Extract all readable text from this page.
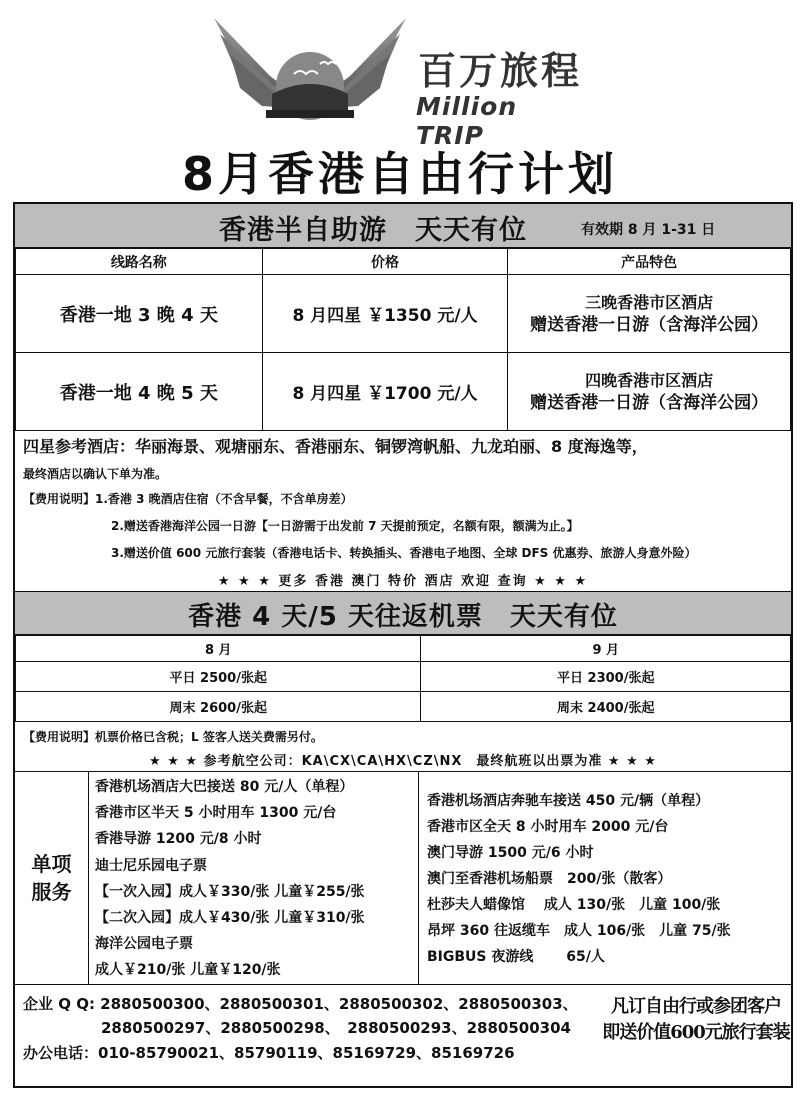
百万旅程
Million TRIP
8月香港自由行计划
香港半自助游　天天有位	有效期 8 月 1-31 日
线路名称	价格	产品特色
香港一地 3 晚 4 天	8 月四星 ￥1350 元/人	三晚香港市区酒店
赠送香港一日游（含海洋公园）

香港一地 4 晚 5 天	8 月四星 ￥1700 元/人	四晚香港市区酒店
赠送香港一日游（含海洋公园）
四星参考酒店：华丽海景、观塘丽东、香港丽东、铜锣湾帆船、九龙珀丽、8 度海逸等，
最终酒店以确认下单为准。
【费用说明】1.香港 3 晚酒店住宿（不含早餐，不含单房差）
2.赠送香港海洋公园一日游【一日游需于出发前 7 天提前预定，名额有限，额满为止。】
3.赠送价值 600 元旅行套装（香港电话卡、转换插头、香港电子地图、全球 DFS 优惠券、旅游人身意外险）
★ ★ ★ 更多 香港 澳门 特价 酒店 欢迎 查询 ★ ★ ★
香港 4 天/5 天往返机票　天天有位
8 月	9 月
平日 2500/张起	平日 2300/张起
周末 2600/张起	周末 2400/张起
【费用说明】机票价格已含税；L 签客人送关费需另付。
★ ★ ★ 参考航空公司：KA\CX\CA\HX\CZ\NX　最终航班以出票为准 ★ ★ ★
单项
服务
香港机场酒店大巴接送 80 元/人（单程）
香港市区半天 5 小时用车 1300 元/台
香港导游 1200 元/8 小时
迪士尼乐园电子票
【一次入园】成人￥330/张 儿童￥255/张
【二次入园】成人￥430/张 儿童￥310/张
海洋公园电子票
成人￥210/张 儿童￥120/张
香港机场酒店奔驰车接送 450 元/辆（单程）
香港市区全天 8 小时用车 2000 元/台
澳门导游 1500 元/6 小时
澳门至香港机场船票　200/张（散客）
杜莎夫人蜡像馆　 成人 130/张　儿童 100/张
昂坪 360 往返缆车　成人 106/张　儿童 75/张
BIGBUS 夜游线　　 65/人
企业 Q Q: 2880500300、2880500301、2880500302、2880500303、
2880500297、2880500298、　2880500293、2880500304
办公电话：010-85790021、85790119、85169729、85169726
凡订自由行或参团客户
即送价值600元旅行套装
